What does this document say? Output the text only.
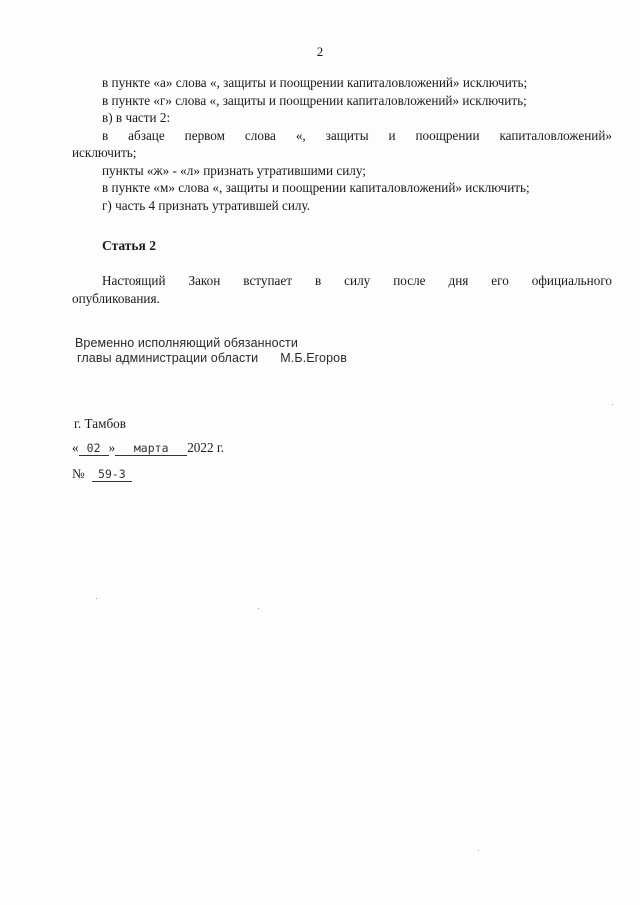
2

в пункте «а» слова «, защиты и поощрении капиталовложений» исключить;

в пункте «г» слова «, защиты и поощрении капиталовложений» исключить;

в) в части 2:

в абзаце первом слова «, защиты и поощрении капиталовложений»

исключить;

пункты «ж» - «л» признать утратившими силу;

в пункте «м» слова «, защиты и поощрении капиталовложений» исключить;

г) часть 4 признать утратившей силу.

Статья 2

Настоящий Закон вступает в силу после дня его официального

опубликования.

Временно исполняющий обязанности
главы администрации области М.Б.Егоров
г. Тамбов
« 02 » марта 2022 г.
№ 59-З
